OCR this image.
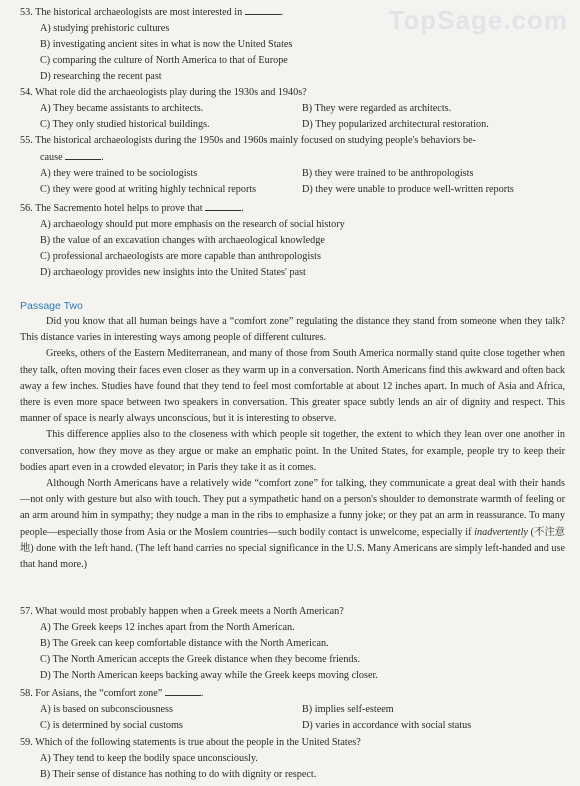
TopSage.com
53. The historical archaeologists are most interested in	.
A) studying prehistoric cultures
B) investigating ancient sites in what is now the United States
C) comparing the culture of North America to that of Europe
D) researching the recent past
54. What role did the archaeologists play during the 1930s and 1940s?
A) They became assistants to architects.	B) They were regarded as architects.
C) They only studied historical buildings.	D) They popularized architectural restoration.
55. The historical archaeologists during the 1950s and 1960s mainly focused on studying people's behaviors be-
cause	.
A) they were trained to be sociologists	B) they were trained to be anthropologists
C) they were good at writing highly technical reports	D) they were unable to produce well-written reports
56. The Sacremento hotel helps to prove that	.
A) archaeology should put more emphasis on the research of social history
B) the value of an excavation changes with archaeological knowledge
C) professional archaeologists are more capable than anthropologists
D) archaeology provides new insights into the United States' past
Passage Two
Did you know that all human beings have a “comfort zone” regulating the distance they stand from someone when they talk? This distance varies in interesting ways among people of different cultures.
Greeks, others of the Eastern Mediterranean, and many of those from South America normally stand quite close together when they talk, often moving their faces even closer as they warm up in a conversation. North Americans find this awkward and often back away a few inches. Studies have found that they tend to feel most comfortable at about 12 inches apart. In much of Asia and Africa, there is even more space between two speakers in conversation. This greater space subtly lends an air of dignity and respect. This manner of space is nearly always unconscious, but it is interesting to observe.
This difference applies also to the closeness with which people sit together, the extent to which they lean over one another in conversation, how they move as they argue or make an emphatic point. In the United States, for example, people try to keep their bodies apart even in a crowded elevator; in Paris they take it as it comes.
Although North Americans have a relatively wide “comfort zone” for talking, they communicate a great deal with their hands—not only with gesture but also with touch. They put a sympathetic hand on a person's shoulder to demonstrate warmth of feeling or an arm around him in sympathy; they nudge a man in the ribs to emphasize a funny joke; or they pat an arm in reassurance. To many people—especially those from Asia or the Moslem countries—such bodily contact is unwelcome, especially if inadvertently (不注意地) done with the left hand. (The left hand carries no special significance in the U.S. Many Americans are simply left-handed and use that hand more.)
57. What would most probably happen when a Greek meets a North American?
A) The Greek keeps 12 inches apart from the North American.
B) The Greek can keep comfortable distance with the North American.
C) The North American accepts the Greek distance when they become friends.
D) The North American keeps backing away while the Greek keeps moving closer.
58. For Asians, the “comfort zone”	.
A) is based on subconsciousness	B) implies self-esteem
C) is determined by social customs	D) varies in accordance with social status
59. Which of the following statements is true about the people in the United States?
A) They tend to keep the bodily space unconsciously.
B) Their sense of distance has nothing to do with dignity or respect.
